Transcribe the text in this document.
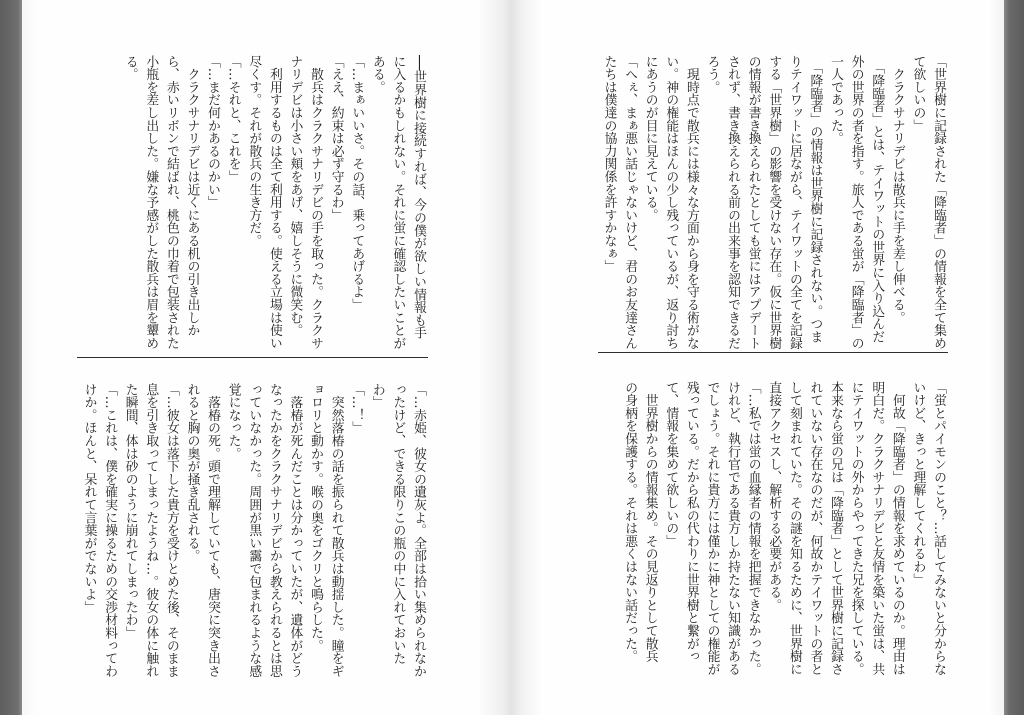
──世界樹に接続すれば、今の僕が欲しい情報も手
に入るかもしれない。それに蛍に確認したいことが
ある。
「…まぁいいさ。その話、乗ってあげるよ」
「ええ、約束は必ず守るわ」
　散兵はクラクサナリデビの手を取った。クラクサ
ナリデビは小さい頬をあげ、嬉しそうに微笑む。
　利用するものは全て利用する。使える立場は使い
尽くす。それが散兵の生き方だ。
「…それと、これを」
「…まだ何かあるのかい」
　クラクサナリデビは近くにある机の引き出しか
ら、赤いリボンで結ばれ、桃色の巾着で包装された
小瓶を差し出した。嫌な予感がした散兵は眉を顰め
る。
「…赤姫、彼女の遺灰よ。全部は拾い集められなか
ったけど、できる限りこの瓶の中に入れておいた
わ」
「…！」
　突然落椿の話を振られて散兵は動揺した。瞳をギ
ョロリと動かす。喉の奥をゴクリと鳴らした。
　落椿が死んだことは分かっていたが、遺体がどう
なったかをクラクサナリデビから教えられるとは思
っていなかった。周囲が黒い靄で包まれるような感
覚になった。
　落椿の死。頭で理解していても、唐突に突き出さ
れると胸の奥が掻き乱される。
「…彼女は落下した貴方を受けとめた後、そのまま
息を引き取ってしまったようね…。彼女の体に触れ
た瞬間、体は砂のように崩れてしまったわ」
「…これは、僕を確実に操るための交渉材料ってわ
けか。ほんと、呆れて言葉がでないよ」
「世界樹に記録された「降臨者」の情報を全て集め
て欲しいの」
　クラクサナリデビは散兵に手を差し伸べる。
　「降臨者」とは、テイワットの世界に入り込んだ
外の世界の者を指す。旅人である蛍が「降臨者」の
一人であった。
　「降臨者」の情報は世界樹に記録されない。つま
りテイワットに居ながら、テイワットの全てを記録
する「世界樹」の影響を受けない存在。仮に世界樹
の情報が書き換えられたとしても蛍にはアプデート
されず、書き換えられる前の出来事を認知できるだ
ろう。
　現時点で散兵には様々な方面から身を守る術がな
い。神の権能はほんの少し残っているが、返り討ち
にあうのが目に見えている。
「へぇ、まぁ悪い話じゃないけど、君のお友達さん
たちは僕達の協力関係を許すかなぁ」
「蛍とパイモンのこと？…話してみないと分からな
いけど、きっと理解してくれるわ」
　何故「降臨者」の情報を求めているのか。理由は
明白だ。クラクサナリデビと友情を築いた蛍は、共
にテイワットの外からやってきた兄を探している。
本来なら蛍の兄は「降臨者」として世界樹に記録さ
れていない存在なのだが、何故かテイワットの者と
して刻まれていた。その謎を知るために、世界樹に
直接アクセスし、解析する必要がある。
「…私では蛍の血縁者の情報を把握できなかった。
けれど、執行官である貴方しか持たない知識がある
でしょう。それに貴方には僅かに神としての権能が
残っている。だから私の代わりに世界樹と繋がっ
て、情報を集めて欲しいの」
　世界樹からの情報集め。その見返りとして散兵
の身柄を保護する。それは悪くはない話だった。
